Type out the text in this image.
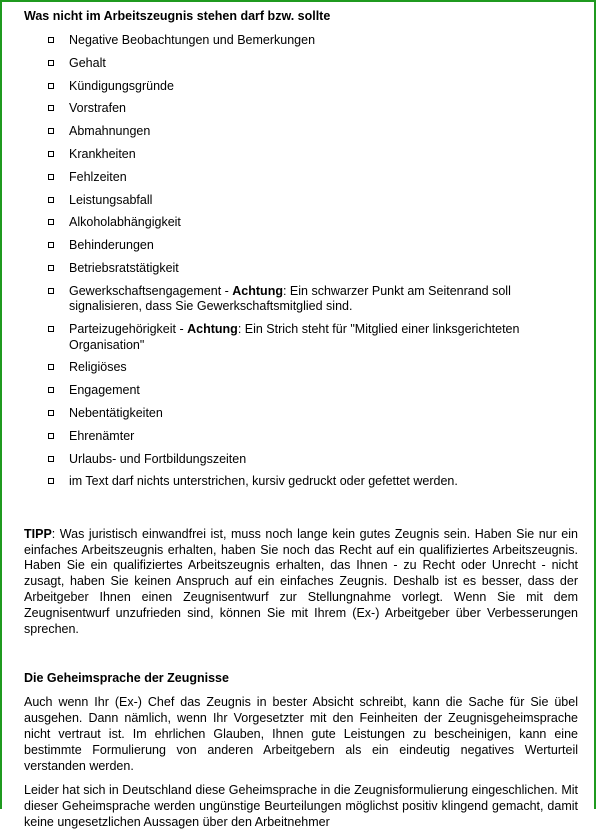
Was nicht im Arbeitszeugnis stehen darf bzw. sollte
Negative Beobachtungen und Bemerkungen
Gehalt
Kündigungsgründe
Vorstrafen
Abmahnungen
Krankheiten
Fehlzeiten
Leistungsabfall
Alkoholabhängigkeit
Behinderungen
Betriebsratstätigkeit
Gewerkschaftsengagement - Achtung: Ein schwarzer Punkt am Seitenrand soll signalisieren, dass Sie Gewerkschaftsmitglied sind.
Parteizugehörigkeit - Achtung: Ein Strich steht für "Mitglied einer linksgerichteten Organisation"
Religiöses
Engagement
Nebentätigkeiten
Ehrenämter
Urlaubs- und Fortbildungszeiten
im Text darf nichts unterstrichen, kursiv gedruckt oder gefettet werden.

TIPP: Was juristisch einwandfrei ist, muss noch lange kein gutes Zeugnis sein. Haben Sie nur ein einfaches Arbeitszeugnis erhalten, haben Sie noch das Recht auf ein qualifiziertes Arbeitszeugnis. Haben Sie ein qualifiziertes Arbeitszeugnis erhalten, das Ihnen - zu Recht oder Unrecht - nicht zusagt, haben Sie keinen Anspruch auf ein einfaches Zeugnis. Deshalb ist es besser, dass der Arbeitgeber Ihnen einen Zeugnisentwurf zur Stellungnahme vorlegt. Wenn Sie mit dem Zeugnisentwurf unzufrieden sind, können Sie mit Ihrem (Ex-) Arbeitgeber über Verbesserungen sprechen.

Die Geheimsprache der Zeugnisse

Auch wenn Ihr (Ex-) Chef das Zeugnis in bester Absicht schreibt, kann die Sache für Sie übel ausgehen. Dann nämlich, wenn Ihr Vorgesetzter mit den Feinheiten der Zeugnisgeheimsprache nicht vertraut ist. Im ehrlichen Glauben, Ihnen gute Leistungen zu bescheinigen, kann eine bestimmte Formulierung von anderen Arbeitgebern als ein eindeutig negatives Werturteil verstanden werden.

Leider hat sich in Deutschland diese Geheimsprache in die Zeugnisformulierung eingeschlichen. Mit dieser Geheimsprache werden ungünstige Beurteilungen möglichst positiv klingend gemacht, damit keine ungesetzlichen Aussagen über den Arbeitnehmer
